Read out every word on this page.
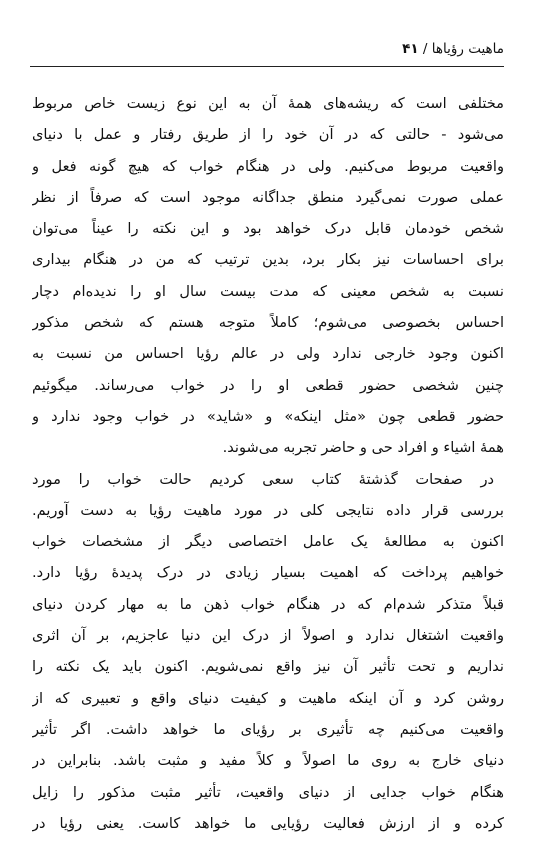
ماهیت رؤیاها / ۴۱
مختلفی است که ریشه‌های همهٔ آن به این نوع زیست خاص مربوط
می‌شود - حالتی که در آن خود را از طریق رفتار و عمل با دنیای
واقعیت مربوط می‌کنیم. ولی در هنگام خواب که هیچ گونه فعل و
عملی صورت نمی‌گیرد منطق جداگانه موجود است که صرفاً از نظر
شخص خودمان قابل درک خواهد بود و این نکته را عیناً می‌توان
برای احساسات نیز بکار برد، بدین ترتیب که من در هنگام بیداری
نسبت به شخص معینی که مدت بیست سال او را ندیده‌ام دچار
احساس بخصوصی می‌شوم؛ کاملاً متوجه هستم که شخص مذکور
اکنون وجود خارجی ندارد ولی در عالم رؤیا احساس من نسبت به
چنین شخصی حضور قطعی او را در خواب می‌رساند. میگوئیم
حضور قطعی چون «مثل اینکه» و «شاید» در خواب وجود ندارد و
همهٔ اشیاء و افراد حی و حاضر تجربه می‌شوند.
در صفحات گذشتهٔ کتاب سعی کردیم حالت خواب را مورد
بررسی قرار داده نتایجی کلی در مورد ماهیت رؤیا به دست آوریم.
اکنون به مطالعهٔ یک عامل اختصاصی دیگر از مشخصات خواب
خواهیم پرداخت که اهمیت بسیار زیادی در درک پدیدهٔ رؤیا دارد.
قبلاً متذکر شدم‌ام که در هنگام خواب ذهن ما به مهار کردن دنیای
واقعیت اشتغال ندارد و اصولاً از درک این دنیا عاجزیم، بر آن اثری
نداریم و تحت تأثیر آن نیز واقع نمی‌شویم. اکنون باید یک نکته را
روشن کرد و آن اینکه ماهیت و کیفیت دنیای واقع و تعبیری که از
واقعیت می‌کنیم چه تأثیری بر رؤیای ما خواهد داشت. اگر تأثیر
دنیای خارج به روی ما اصولاً و کلاً مفید و مثبت باشد. بنابراین در
هنگام خواب جدایی از دنیای واقعیت، تأثیر مثبت مذکور را زایل
کرده و از ارزش فعالیت رؤیایی ما خواهد کاست. یعنی رؤیا در
